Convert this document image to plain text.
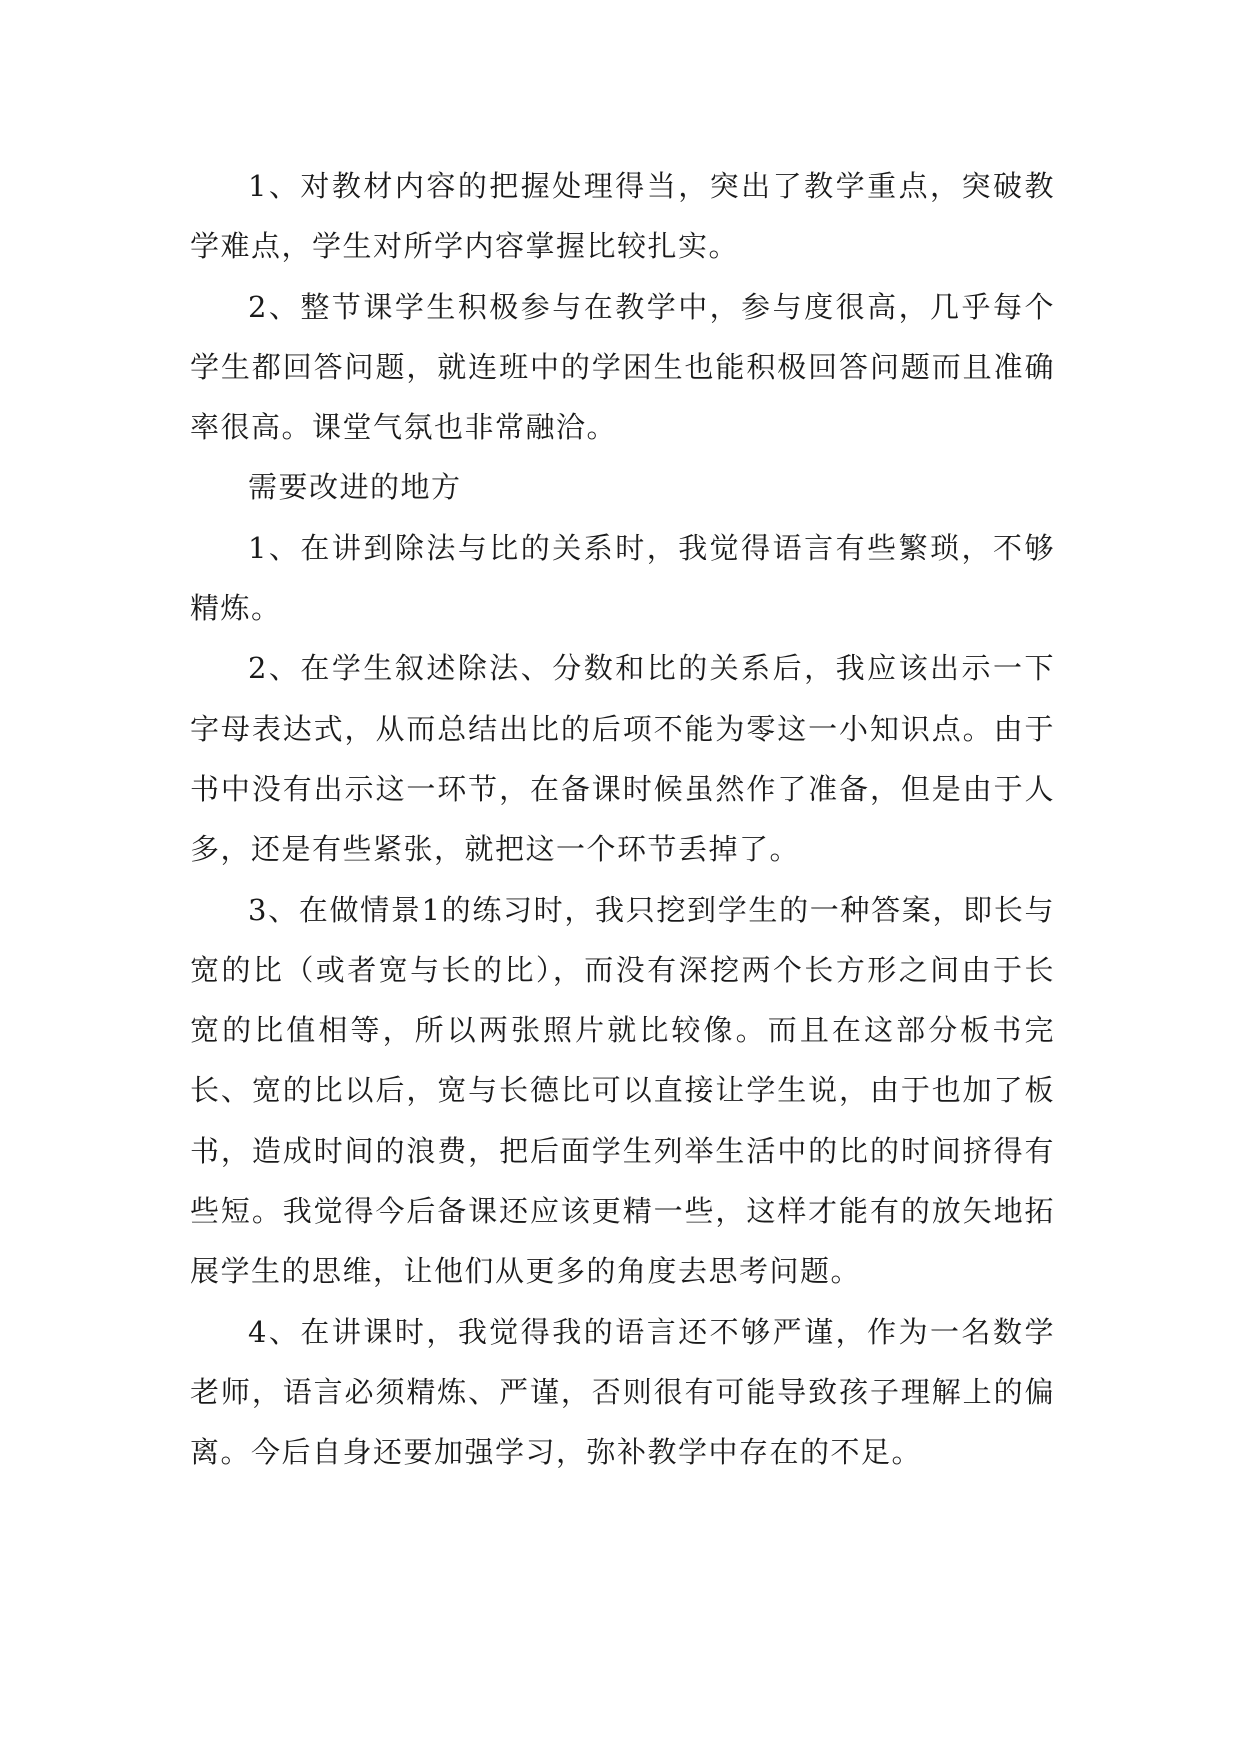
1、对教材内容的把握处理得当，突出了教学重点，突破教学难点，学生对所学内容掌握比较扎实。

2、整节课学生积极参与在教学中，参与度很高，几乎每个学生都回答问题，就连班中的学困生也能积极回答问题而且准确率很高。课堂气氛也非常融洽。

需要改进的地方

1、在讲到除法与比的关系时，我觉得语言有些繁琐，不够精炼。

2、在学生叙述除法、分数和比的关系后，我应该出示一下字母表达式，从而总结出比的后项不能为零这一小知识点。由于书中没有出示这一环节，在备课时候虽然作了准备，但是由于人多，还是有些紧张，就把这一个环节丢掉了。

3、在做情景1的练习时，我只挖到学生的一种答案，即长与宽的比（或者宽与长的比），而没有深挖两个长方形之间由于长宽的比值相等，所以两张照片就比较像。而且在这部分板书完长、宽的比以后，宽与长德比可以直接让学生说，由于也加了板书，造成时间的浪费，把后面学生列举生活中的比的时间挤得有些短。我觉得今后备课还应该更精一些，这样才能有的放矢地拓展学生的思维，让他们从更多的角度去思考问题。

4、在讲课时，我觉得我的语言还不够严谨，作为一名数学老师，语言必须精炼、严谨，否则很有可能导致孩子理解上的偏离。今后自身还要加强学习，弥补教学中存在的不足。
